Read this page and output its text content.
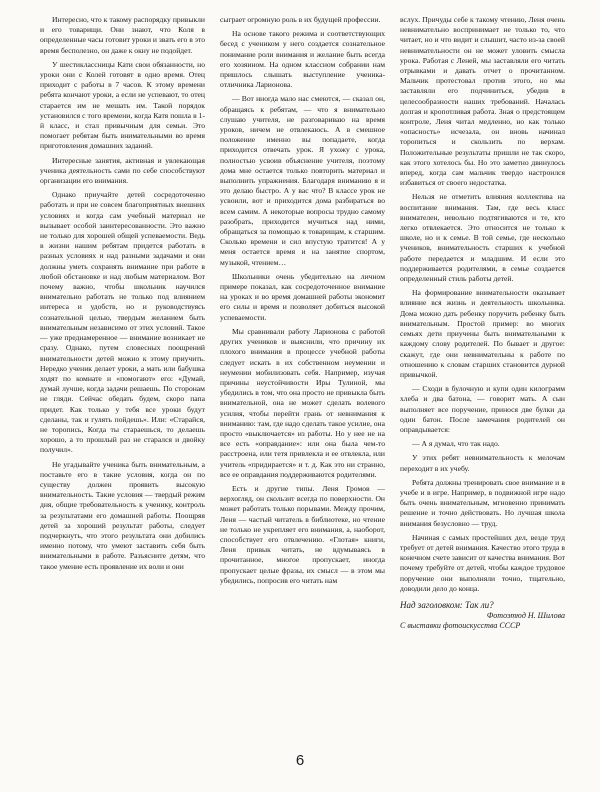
Интересно, что к такому распорядку привыкли и его товарищи. Они знают, что Коля в определенные часы готовит уроки и звать его в это время бесполезно, он даже к окну не подойдет.

У шестиклассницы Кати свои обязанности, но уроки они с Колей готовят в одно время. Отец приходит с работы в 7 часов. К этому времени ребята кончают уроки, а если не успевают, то отец старается им не мешать им. Такой порядок установился с того времени, когда Катя пошла в 1-й класс, и стал привычным для семьи. Это помогает ребятам быть внимательными во время приготовления домашних заданий.

Интересные занятия, активная и увлекающая ученика деятельность сами по себе способствуют организации его внимания.

Однако приучайте детей сосредоточенно работать и при не совсем благоприятных внешних условиях и когда сам учебный материал не вызывает особой заинтересованности. Это важно не только для хорошей общей успеваемости. Ведь в жизни нашим ребятам придется работать в разных условиях и над разными задачами и они должны уметь сохранять внимание при работе в любой обстановке и над любым материалом. Вот почему важно, чтобы школьник научился внимательно работать не только под влиянием интереса и удобств, но и руководствуясь сознательной целью, твердым желанием быть внимательным независимо от этих условий. Такое — уже преднамеренное — внимание возникает не сразу. Однако, путем словесных поощрений внимательности детей можно к этому приучить. Нередко ученик делает уроки, а мать или бабушка ходят по комнате и «помогают» его: «Думай, думай лучше, когда задачи решаешь. По сторонам не гляди. Сейчас обедать будем, скоро папа придет. Как только у тебя все уроки будут сделаны, так и гулять пойдешь». Или: «Старайся, не торопись, Когда ты стараешься, то делаешь хорошо, а то прошлый раз не старался и двойку получил».

Не угадывайте ученика быть внимательным, а поставьте его в такие условия, когда он по существу должен проявить высокую внимательность. Такие условия — твердый режим дня, общие требовательность к ученику, контроль за результатами его домашней работы. Поощряя детей за хороший результат работы, следует подчеркнуть, что этого результата они добились именно потому, что умеют заставить себя быть внимательными в работе. Разъясните детям, что такое умение есть проявление их воли и они

сыграет огромную роль в их будущей профессии.

На основе такого режима и соответствующих бесед с учеником у него создается сознательное понимание роли внимания и желание быть всегда его хозяином. На одном классном собрании нам пришлось слышать выступление ученика-отличника Ларионова.

— Вот иногда мало нас смеются, — сказал он, обращаясь к ребятам, — что я внимательно слушаю учителя, не разговариваю на время уроков, ничем не отвлекаюсь. А в смешное положение именно вы попадаете, когда приходится отвечать урок. Я ухожу с урока, полностью усвоив объяснение учителя, поэтому дома мне остается только повторить материал и выполнить упражнения. Благодаря вниманию я и это делаю быстро. А у вас что? В классе урок не усвоили, вот и приходится дома разбираться во всем самим. А некоторые вопросы трудно самому разобрать, приходится мучиться над ними, обращаться за помощью к товарищам, к старшим. Сколько времени и сил впустую тратится! А у меня остается время и на занятие спортом, музыкой, чтением…

Школьники очень убедительно на личном примере показал, как сосредоточенное внимание на уроках и во время домашней работы экономит его силы и время и позволяет добиться высокой успеваемости.

Мы сравнивали работу Ларионова с работой других учеников и выяснили, что причину их плохого внимания в процессе учебной работы следует искать в их собственном неумении и неумении мобилизовать себя. Например, изучая причины неустойчивости Иры Тулиной, мы убедились в том, что она просто не привыкла быть внимательной, она не может сделать волевого усилия, чтобы перейти грань от невнимания к вниманию: там, где надо сделать такое усилие, она просто «выключается» из работы. Но у нее не на все есть «оправдание»: или она была чем-то расстроена, или тетя привлекла и ее отвлекла, или учитель «придирается» и т. д. Как это ни странно, все ее оправдания поддерживаются родителями.

Есть и другие типы. Леня Громов — верхогляд, он скользит всегда по поверхности. Он может работать только порывами. Между прочим, Леня — частый читатель в библиотеке, но чтение не только не укрепляет его внимания, а, наоборот, способствует его отвлечению. «Глотая» книги, Леня привык читать, не вдумываясь в прочитанное, многое пропускает, иногда пропускает целые фразы, их смысл — в этом мы убедились, попросив его читать нам

вслух. Причуды себе к такому чтению, Леня очень невнимательно воспринимает не только то, что читает, но и что видит и слышит, часто из-за своей невнимательности он не может уловить смысла урока. Работая с Леней, мы заставляли его читать отрывками и давать отчет о прочитанном. Мальчик протестовал против этого, но мы заставляли его подчиниться, убедив в целесообразности наших требований. Началась долгая и кропотливая работа. Зная о предстоящем контроле, Леня читал медленно, но как только «опасность» исчезала, он вновь начинал торопиться и скользить по верхам. Положительные результаты пришли не так скоро, как этого хотелось бы. Но это заметно двинулось вперед, когда сам мальчик твердо настроился избавиться от своего недостатка.

Нельзя не отметить влияния коллектива на воспитание внимания. Там, где весь класс внимателен, невольно подтягиваются и те, кто легко отвлекается. Это относится не только к школе, но и к семье. В той семье, где несколько учеников, внимательность старших к учебной работе передается и младшим. И если это поддерживается родителями, в семье создается определенный стиль работы детей.

На формирование внимательности оказывает влияние вся жизнь и деятельность школьника. Дома можно дать ребенку поручить ребенку быть внимательным. Простой пример: во многих семьях дети приучены быть внимательными к каждому слову родителей. По бывает и другое: скажут, где они невнимательны к работе по отношению к словам старших становится дурной привычкой.

— Сходи в булочную и купи один килограмм хлеба и два батона, — говорит мать. А сын выполняет все поручение, принося две булки да один батон. После замечания родителей он оправдывается:

— А я думал, что так надо.

У этих ребят невнимательность к мелочам переходит в их учебу.

Ребята должны тренировать свое внимание и в учебе и в игре. Например, в подвижной игре надо быть очень внимательным, мгновенно принимать решение и точно действовать. Но лучшая школа внимания безусловно — труд.

Начиная с самых простейших дел, везде труд требует от детей внимания. Качество этого труда в конечном счете зависит от качества внимания. Вот почему требуйте от детей, чтобы каждое трудовое поручение они выполняли точно, тщательно, доводили дело до конца.

Над заголовком: Так ли?
Фотоэтюд Н. Шилова
С выставки фотоискусства СССР
6
